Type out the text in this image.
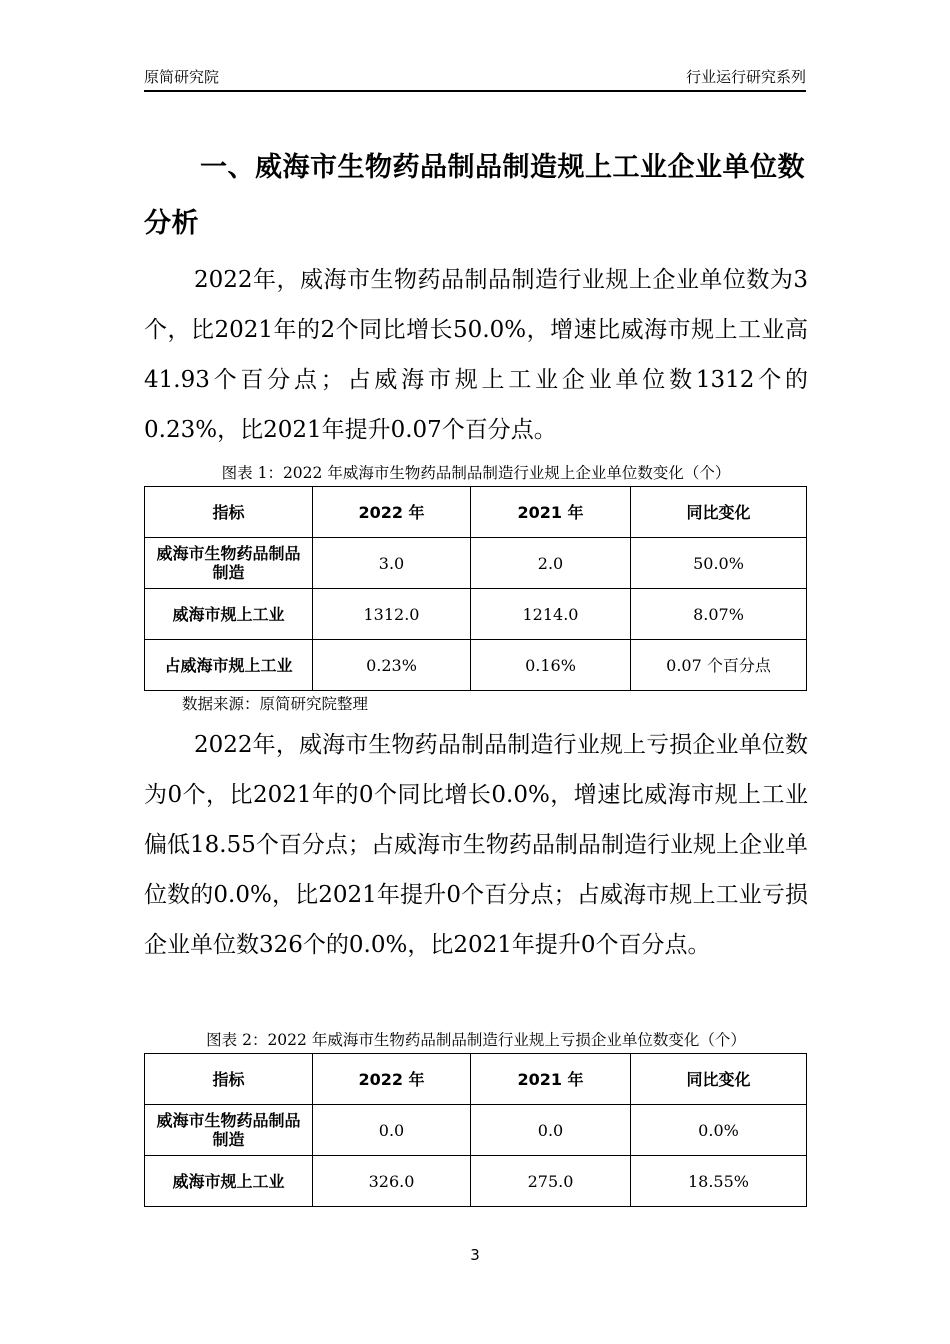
原简研究院	行业运行研究系列
一、威海市生物药品制品制造规上工业企业单位数分析
2022年，威海市生物药品制品制造行业规上企业单位数为3个，比2021年的2个同比增长50.0%，增速比威海市规上工业高41.93个百分点；占威海市规上工业企业单位数1312个的0.23%，比2021年提升0.07个百分点。
图表 1：2022 年威海市生物药品制品制造行业规上企业单位数变化（个）
指标	2022 年	2021 年	同比变化
威海市生物药品制品制造	3.0	2.0	50.0%
威海市规上工业	1312.0	1214.0	8.07%
占威海市规上工业	0.23%	0.16%	0.07 个百分点
数据来源：原简研究院整理
2022年，威海市生物药品制品制造行业规上亏损企业单位数为0个，比2021年的0个同比增长0.0%，增速比威海市规上工业偏低18.55个百分点；占威海市生物药品制品制造行业规上企业单位数的0.0%，比2021年提升0个百分点；占威海市规上工业亏损企业单位数326个的0.0%，比2021年提升0个百分点。
图表 2：2022 年威海市生物药品制品制造行业规上亏损企业单位数变化（个）
指标	2022 年	2021 年	同比变化
威海市生物药品制品制造	0.0	0.0	0.0%
威海市规上工业	326.0	275.0	18.55%
3
